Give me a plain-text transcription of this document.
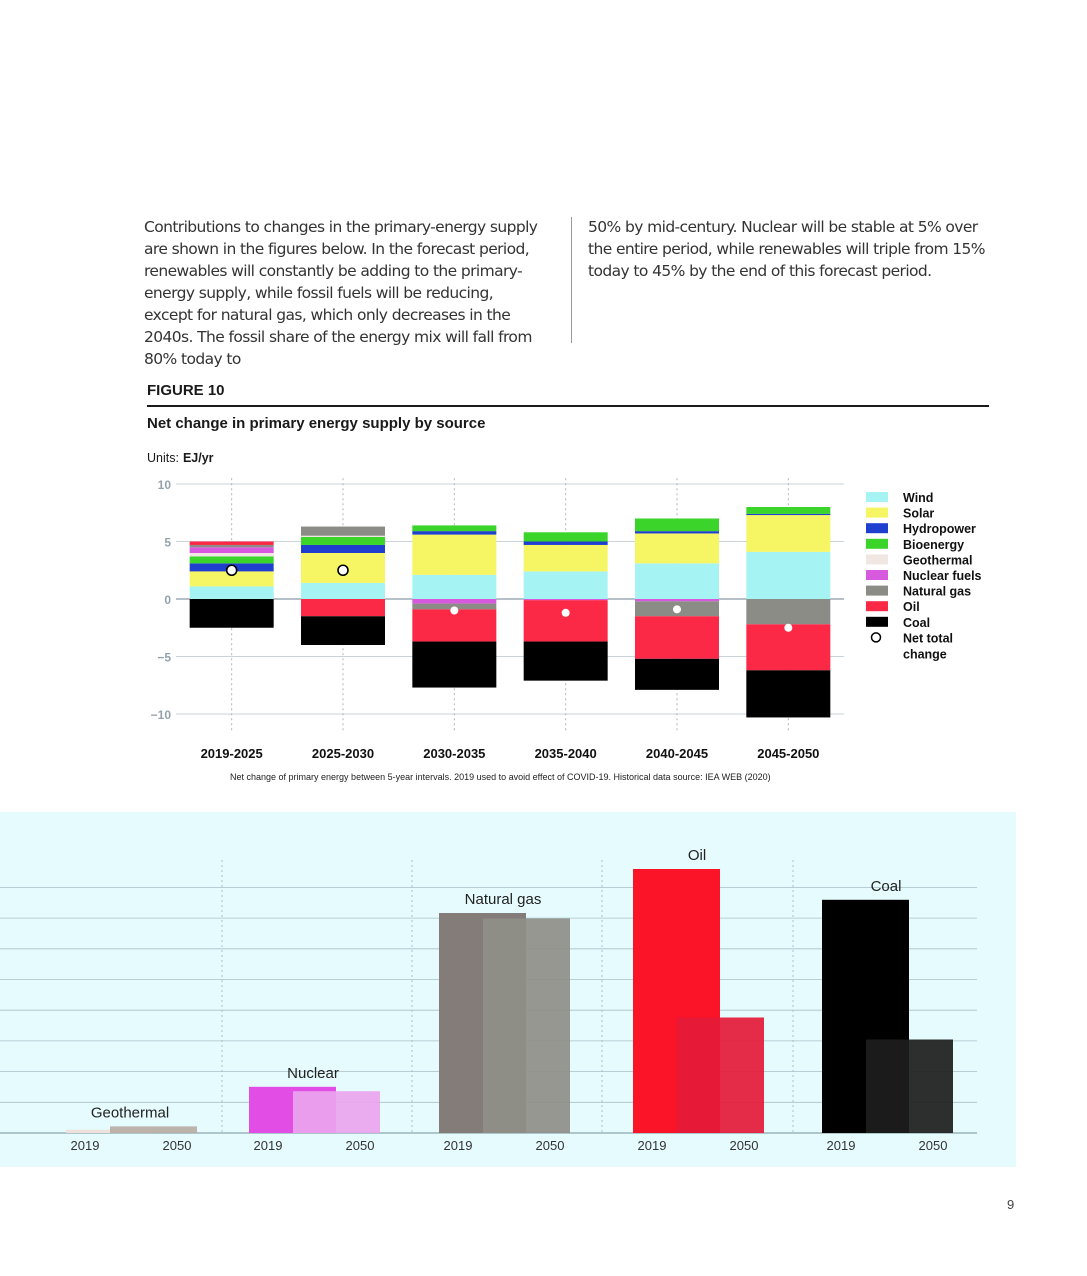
Contributions to changes in the primary-energy supply are shown in the figures below. In the forecast period, renewables will constantly be adding to the primary-energy supply, while fossil fuels will be reducing, except for natural gas, which only decreases in the 2040s. The fossil share of the energy mix will fall from 80% today to
50% by mid-century. Nuclear will be stable at 5% over the entire period, while renewables will triple from 15% today to 45% by the end of this forecast period.
FIGURE 10
Net change in primary energy supply by source
Units: EJ/yr
10
5
0
−5
−10
2019-2025	2025-2030	2030-2035	2035-2040	2040-2045	2045-2050
Wind
Solar
Hydropower
Bioenergy
Geothermal
Nuclear fuels
Natural gas
Oil
Coal
Net total
change
Net change of primary energy between 5-year intervals. 2019 used to avoid effect of COVID-19. Historical data source: IEA WEB (2020)
Geothermal
2019	2050
Nuclear
2019	2050
Natural gas
2019	2050
Oil
2019	2050
Coal
2019	2050
9
